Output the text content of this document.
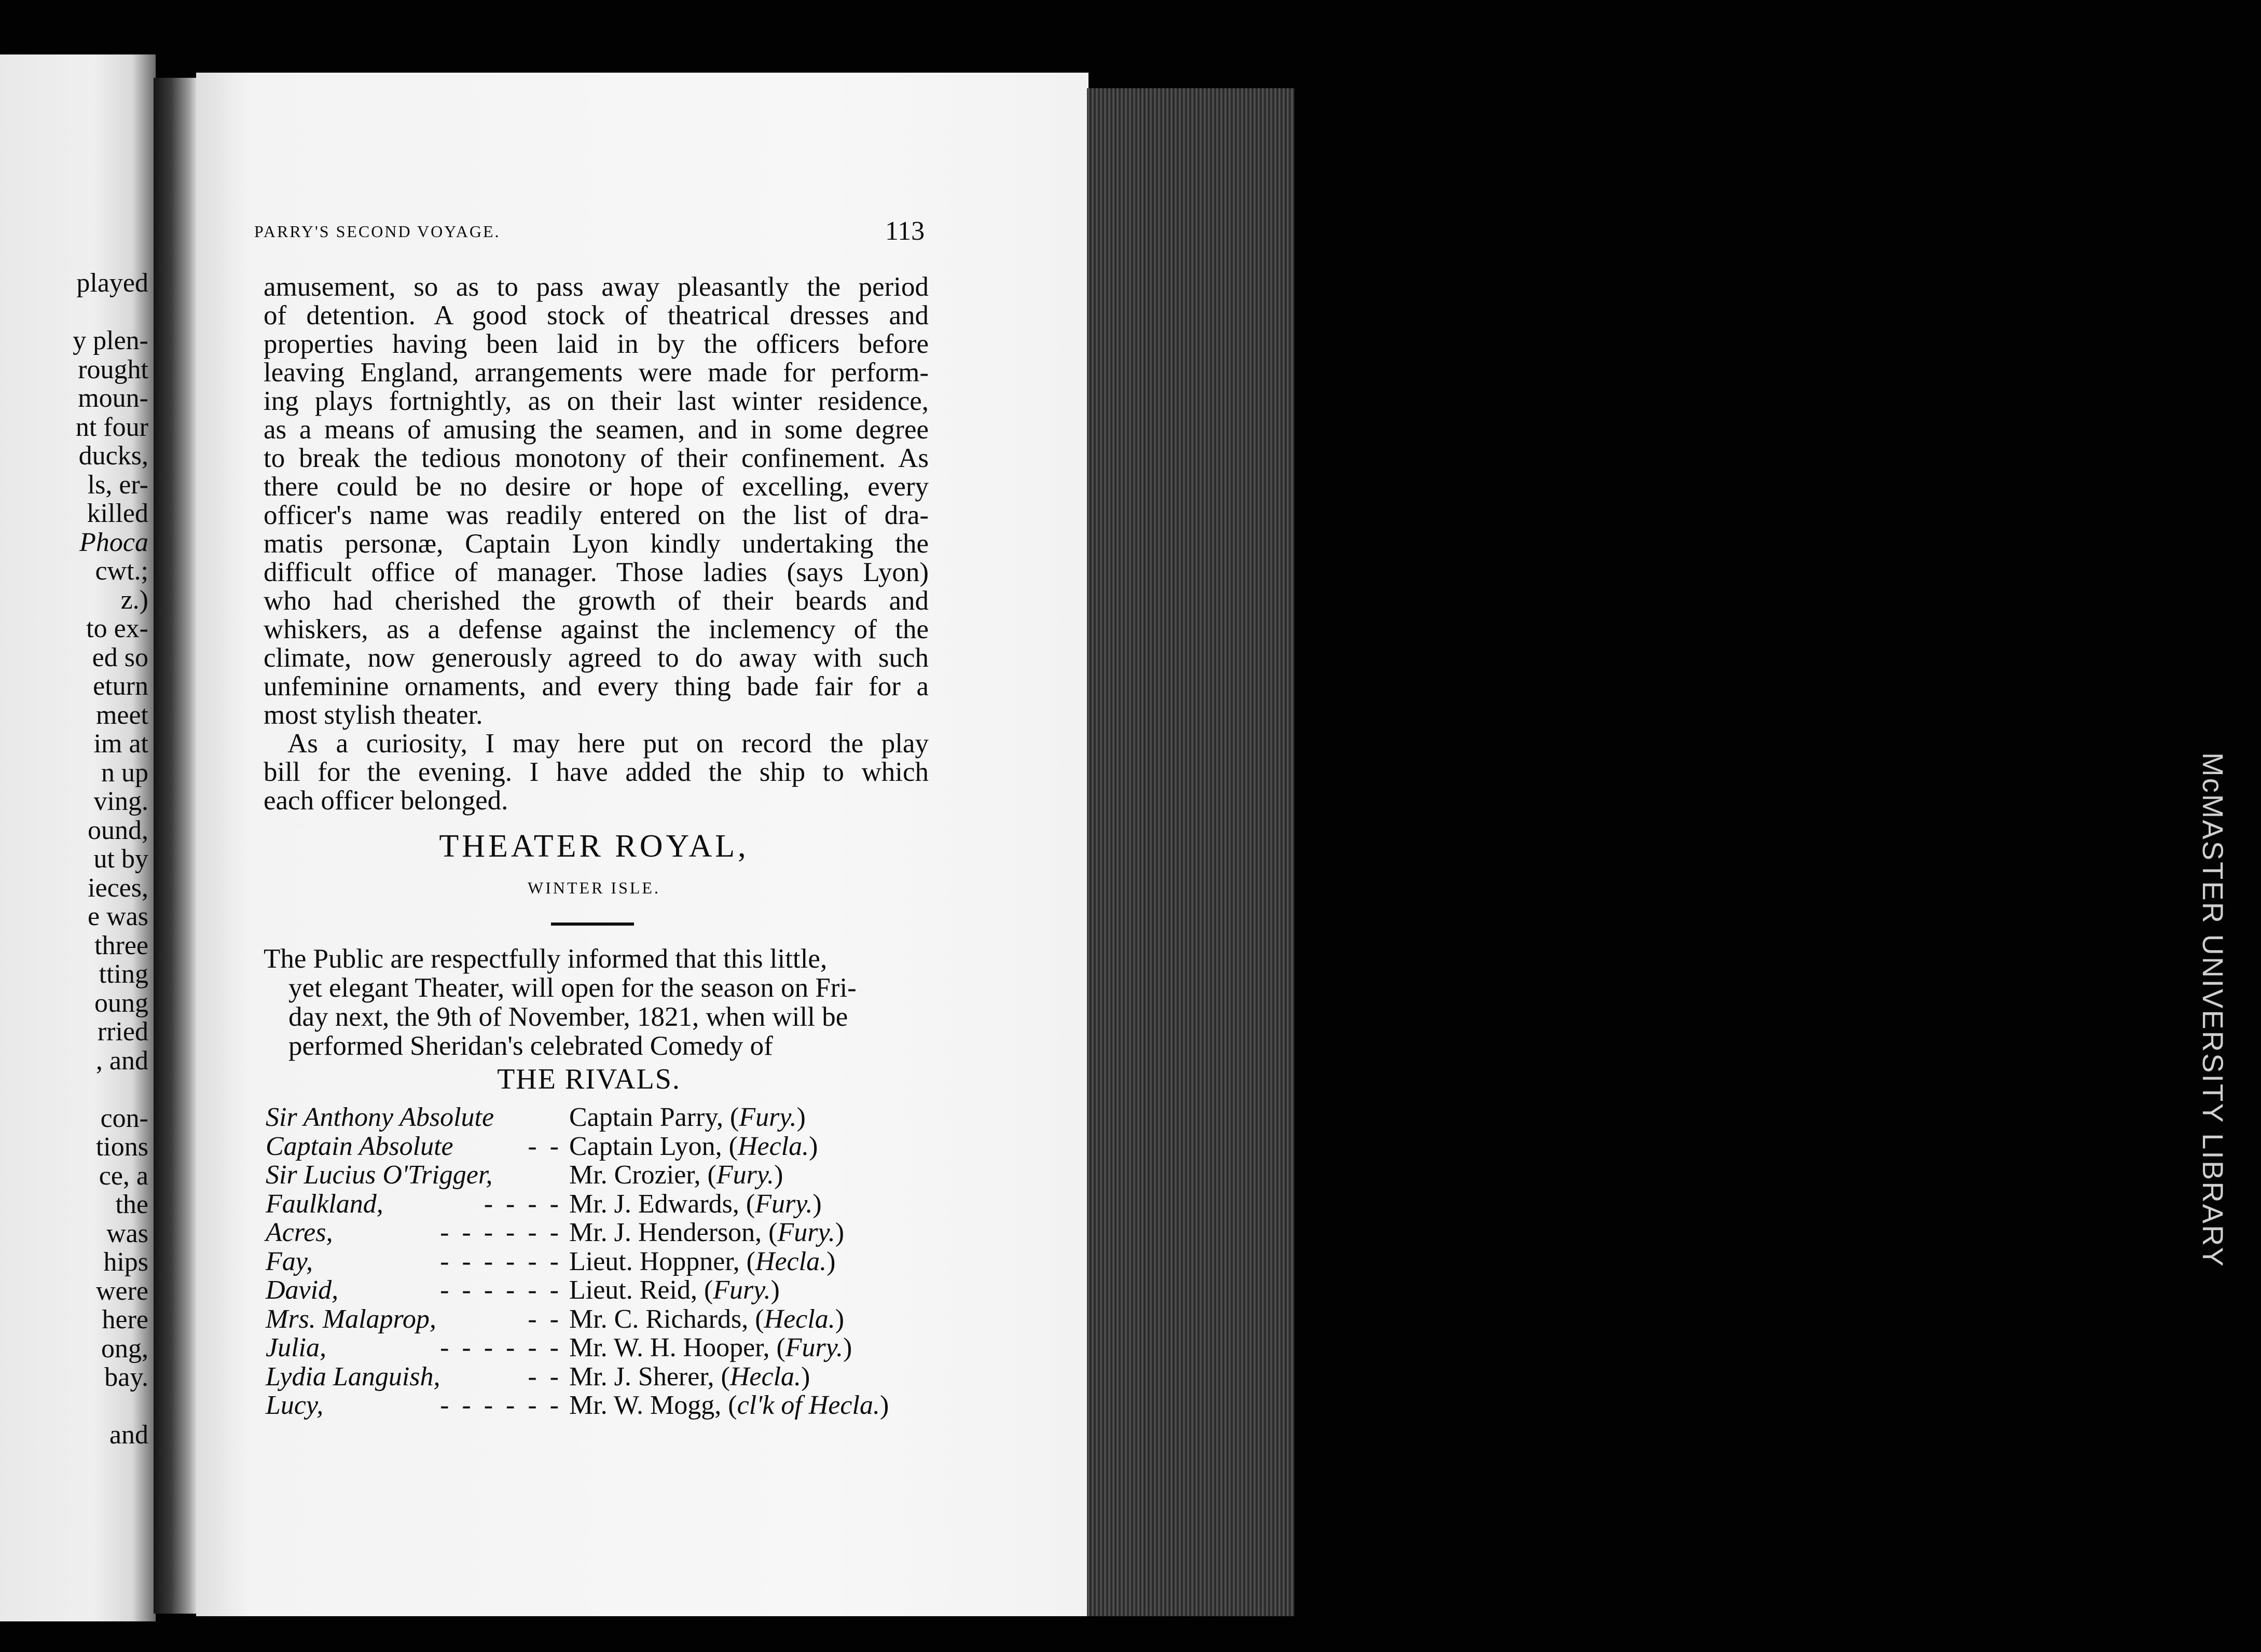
played
y plen-
rought
moun-
nt four
ducks,
ls, er-
killed
Phoca
cwt.;
z.)
to ex-
ed so
eturn
meet
im at
n up
ving.
ound,
ut by
ieces,
e was
three
tting
oung
rried
, and
con-
tions
ce, a
the
was
hips
were
here
ong,
bay.
and
McMASTER UNIVERSITY LIBRARY
PARRY'S SECOND VOYAGE.	113
amusement, so as to pass away pleasantly the period
of detention. A good stock of theatrical dresses and
properties having been laid in by the officers before
leaving England, arrangements were made for perform-
ing plays fortnightly, as on their last winter residence,
as a means of amusing the seamen, and in some degree
to break the tedious monotony of their confinement. As
there could be no desire or hope of excelling, every
officer's name was readily entered on the list of dra-
matis personæ, Captain Lyon kindly undertaking the
difficult office of manager. Those ladies (says Lyon)
who had cherished the growth of their beards and
whiskers, as a defense against the inclemency of the
climate, now generously agreed to do away with such
unfeminine ornaments, and every thing bade fair for a
most stylish theater.
As a curiosity, I may here put on record the play
bill for the evening. I have added the ship to which
each officer belonged.
THEATER ROYAL,
WINTER ISLE.
The Public are respectfully informed that this little,
yet elegant Theater, will open for the season on Fri-
day next, the 9th of November, 1821, when will be
performed Sheridan's celebrated Comedy of
THE RIVALS.
Sir Anthony Absolute	Captain Parry, (Fury.)
Captain Absolute	- - Captain Lyon, (Hecla.)
Sir Lucius O'Trigger,	Mr. Crozier, (Fury.)
Faulkland,	- - - - Mr. J. Edwards, (Fury.)
Acres,	- - - - - - Mr. J. Henderson, (Fury.)
Fay,	- - - - - - Lieut. Hoppner, (Hecla.)
David,	- - - - - - Lieut. Reid, (Fury.)
Mrs. Malaprop,	- - Mr. C. Richards, (Hecla.)
Julia,	- - - - - - Mr. W. H. Hooper, (Fury.)
Lydia Languish,	- - Mr. J. Sherer, (Hecla.)
Lucy,	- - - - - - Mr. W. Mogg, (cl'k of Hecla.)
